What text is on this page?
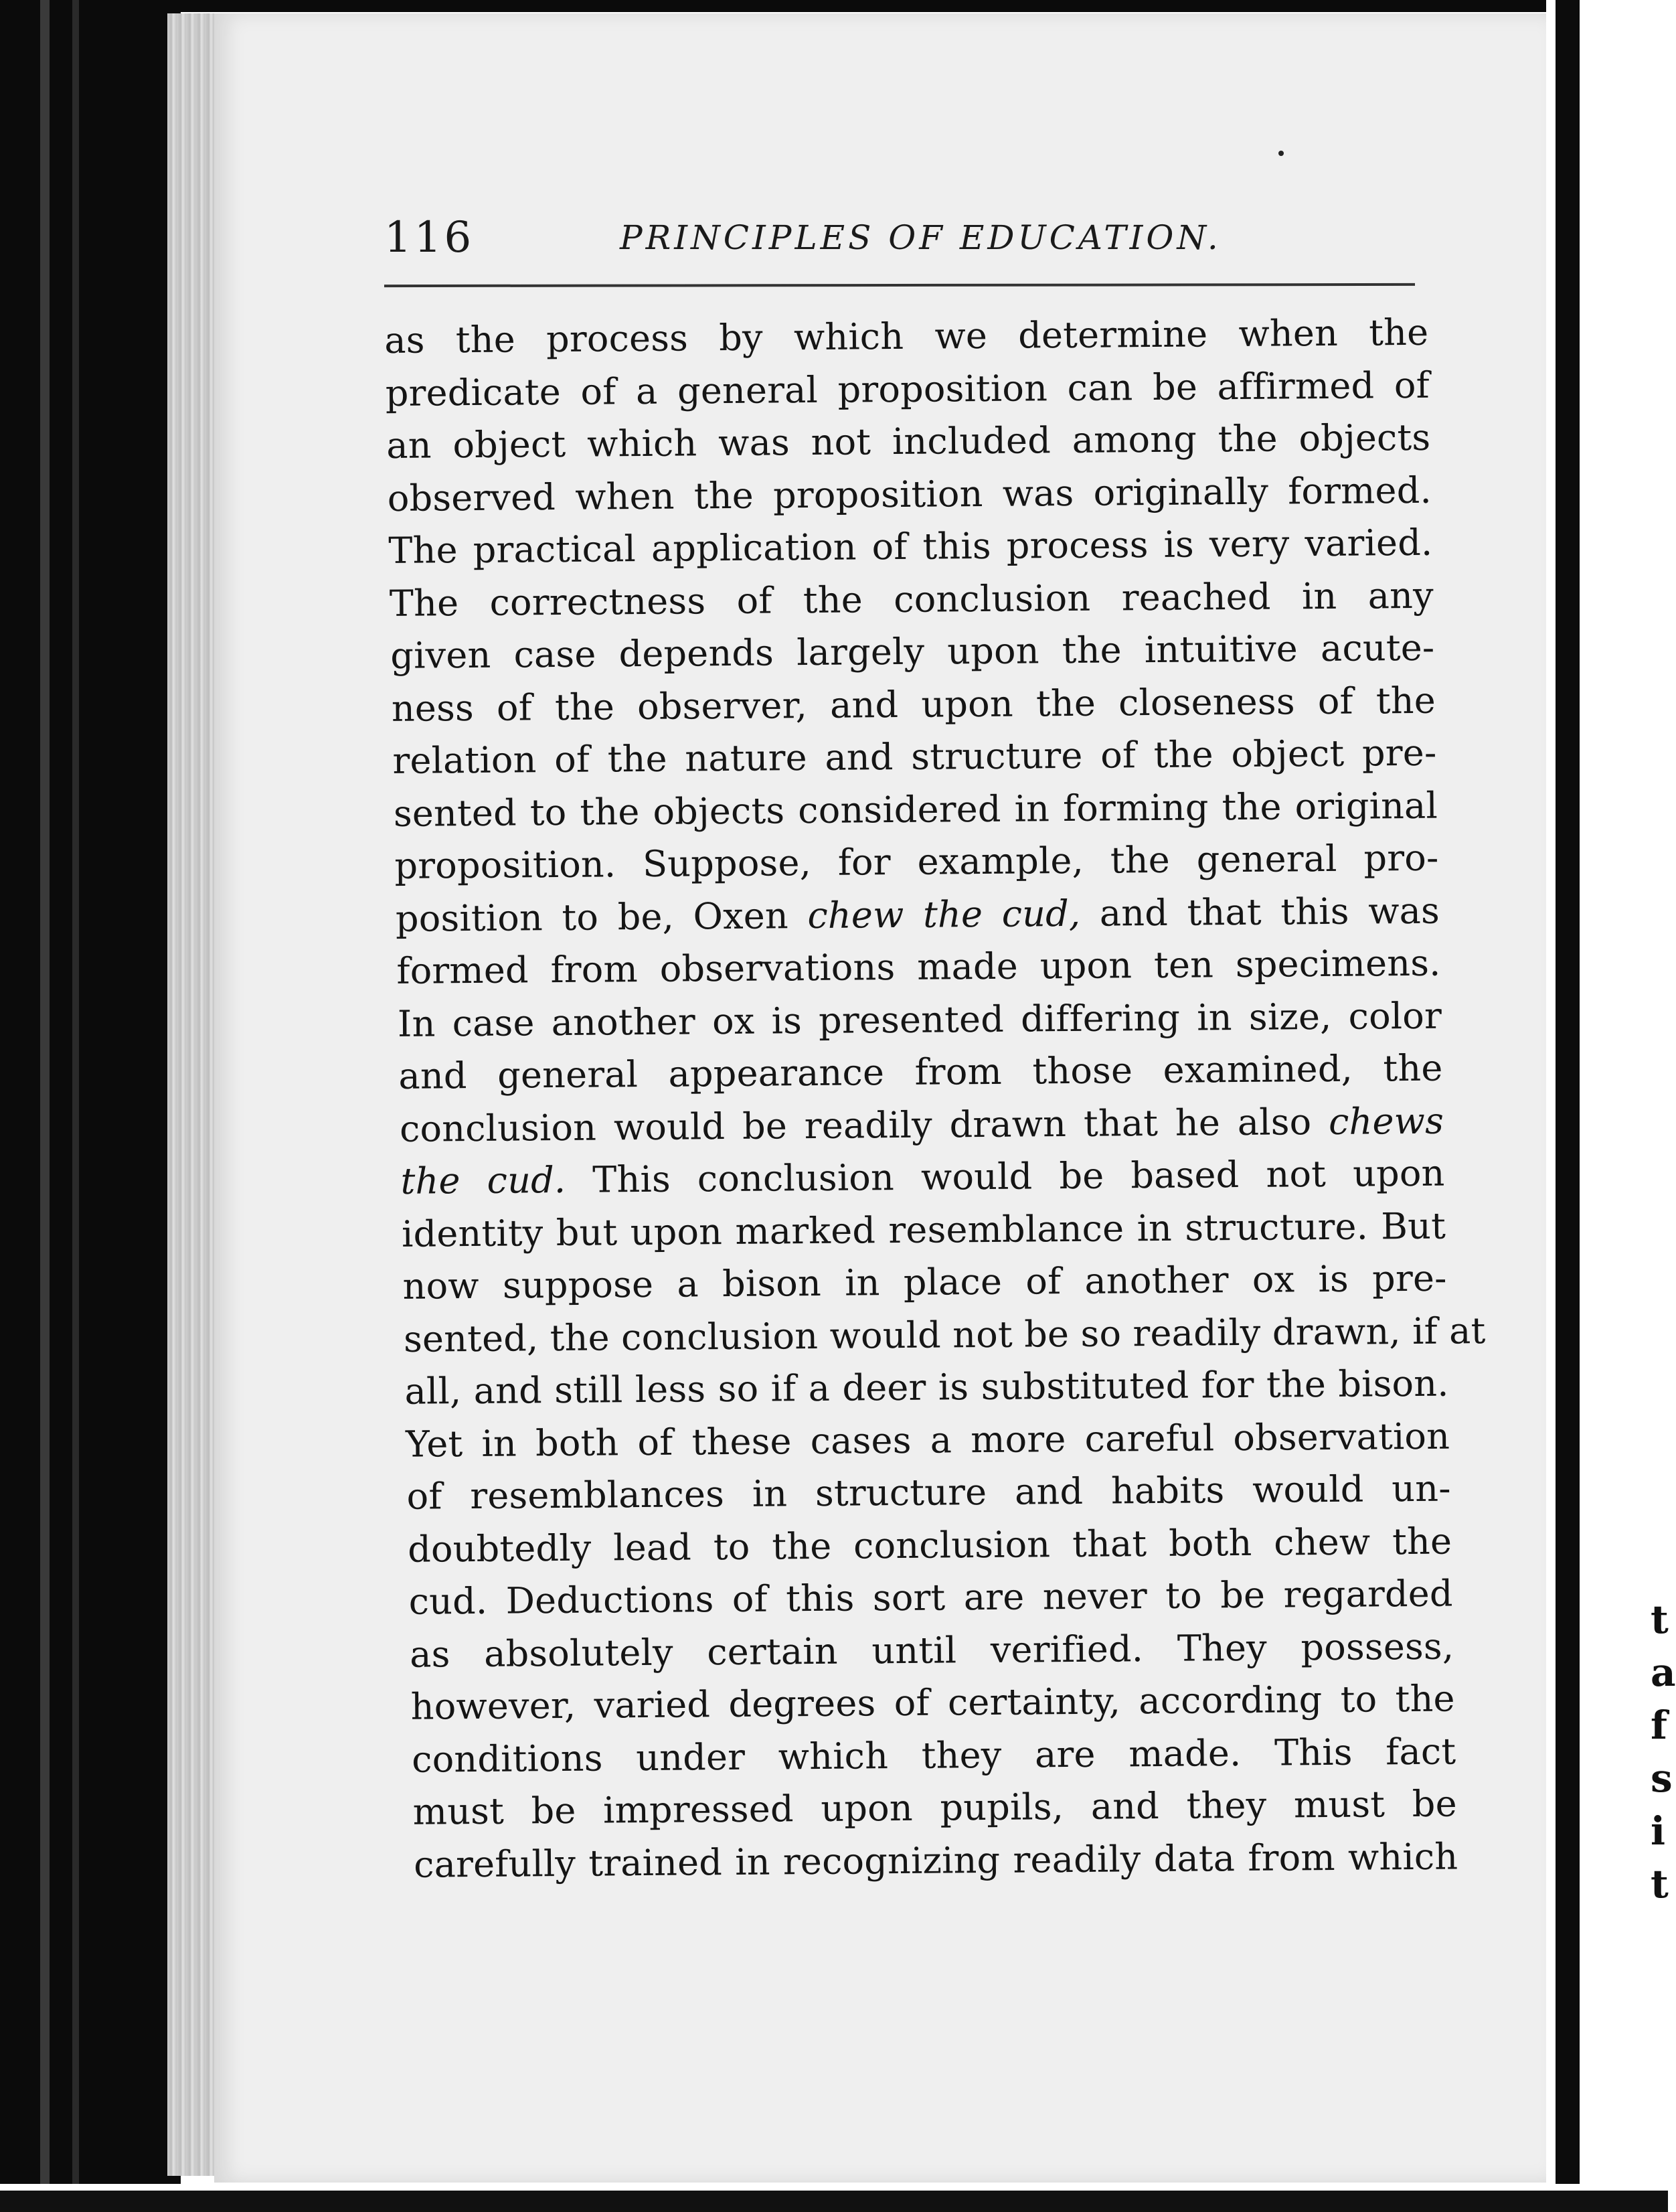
t
a
f
s
i
t
116	PRINCIPLES OF EDUCATION.
as the process by which we determine when the
predicate of a general proposition can be affirmed of
an object which was not included among the objects
observed when the proposition was originally formed.
The practical application of this process is very varied.
The correctness of the conclusion reached in any
given case depends largely upon the intuitive acute-
ness of the observer, and upon the closeness of the
relation of the nature and structure of the object pre-
sented to the objects considered in forming the original
proposition. Suppose, for example, the general pro-
position to be, Oxen chew the cud, and that this was
formed from observations made upon ten specimens.
In case another ox is presented differing in size, color
and general appearance from those examined, the
conclusion would be readily drawn that he also chews
the cud. This conclusion would be based not upon
identity but upon marked resemblance in structure. But
now suppose a bison in place of another ox is pre-
sented, the conclusion would not be so readily drawn, if at
all, and still less so if a deer is substituted for the bison.
Yet in both of these cases a more careful observation
of resemblances in structure and habits would un-
doubtedly lead to the conclusion that both chew the
cud. Deductions of this sort are never to be regarded
as absolutely certain until verified. They possess,
however, varied degrees of certainty, according to the
conditions under which they are made. This fact
must be impressed upon pupils, and they must be
carefully trained in recognizing readily data from which
